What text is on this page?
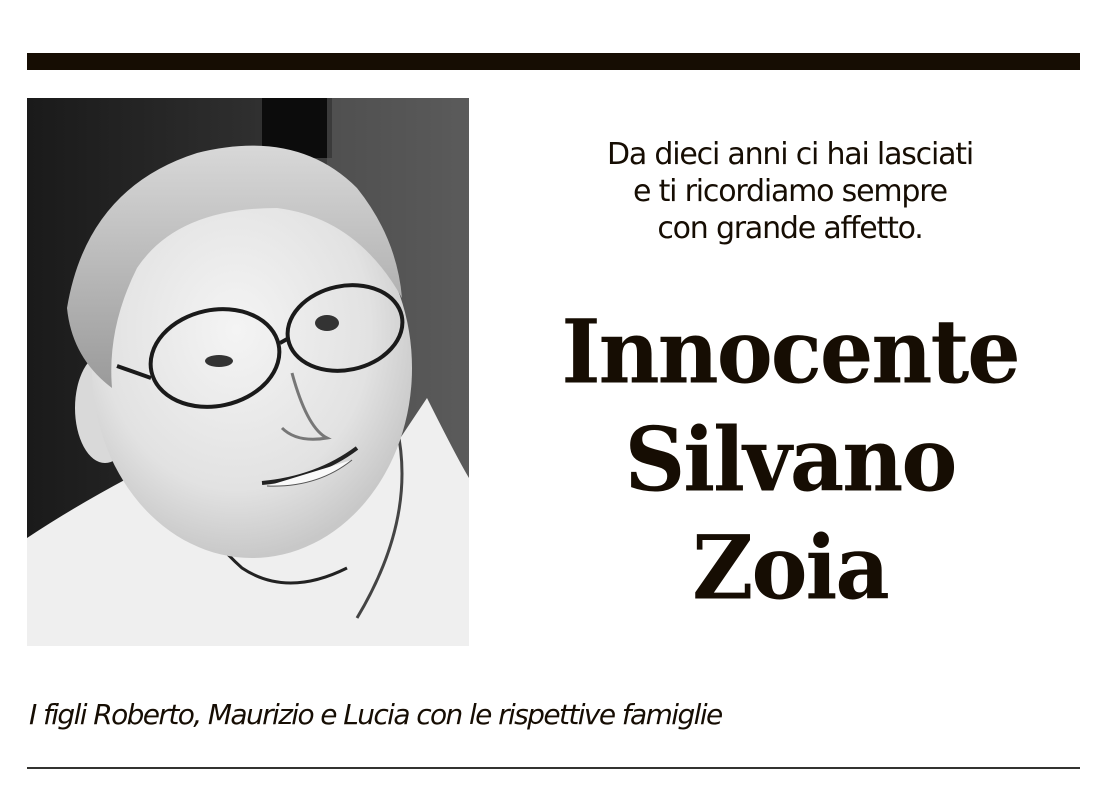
Da dieci anni ci hai lasciati
e ti ricordiamo sempre
con grande affetto.
Innocente
Silvano
Zoia
I figli Roberto, Maurizio e Lucia con le rispettive famiglie
